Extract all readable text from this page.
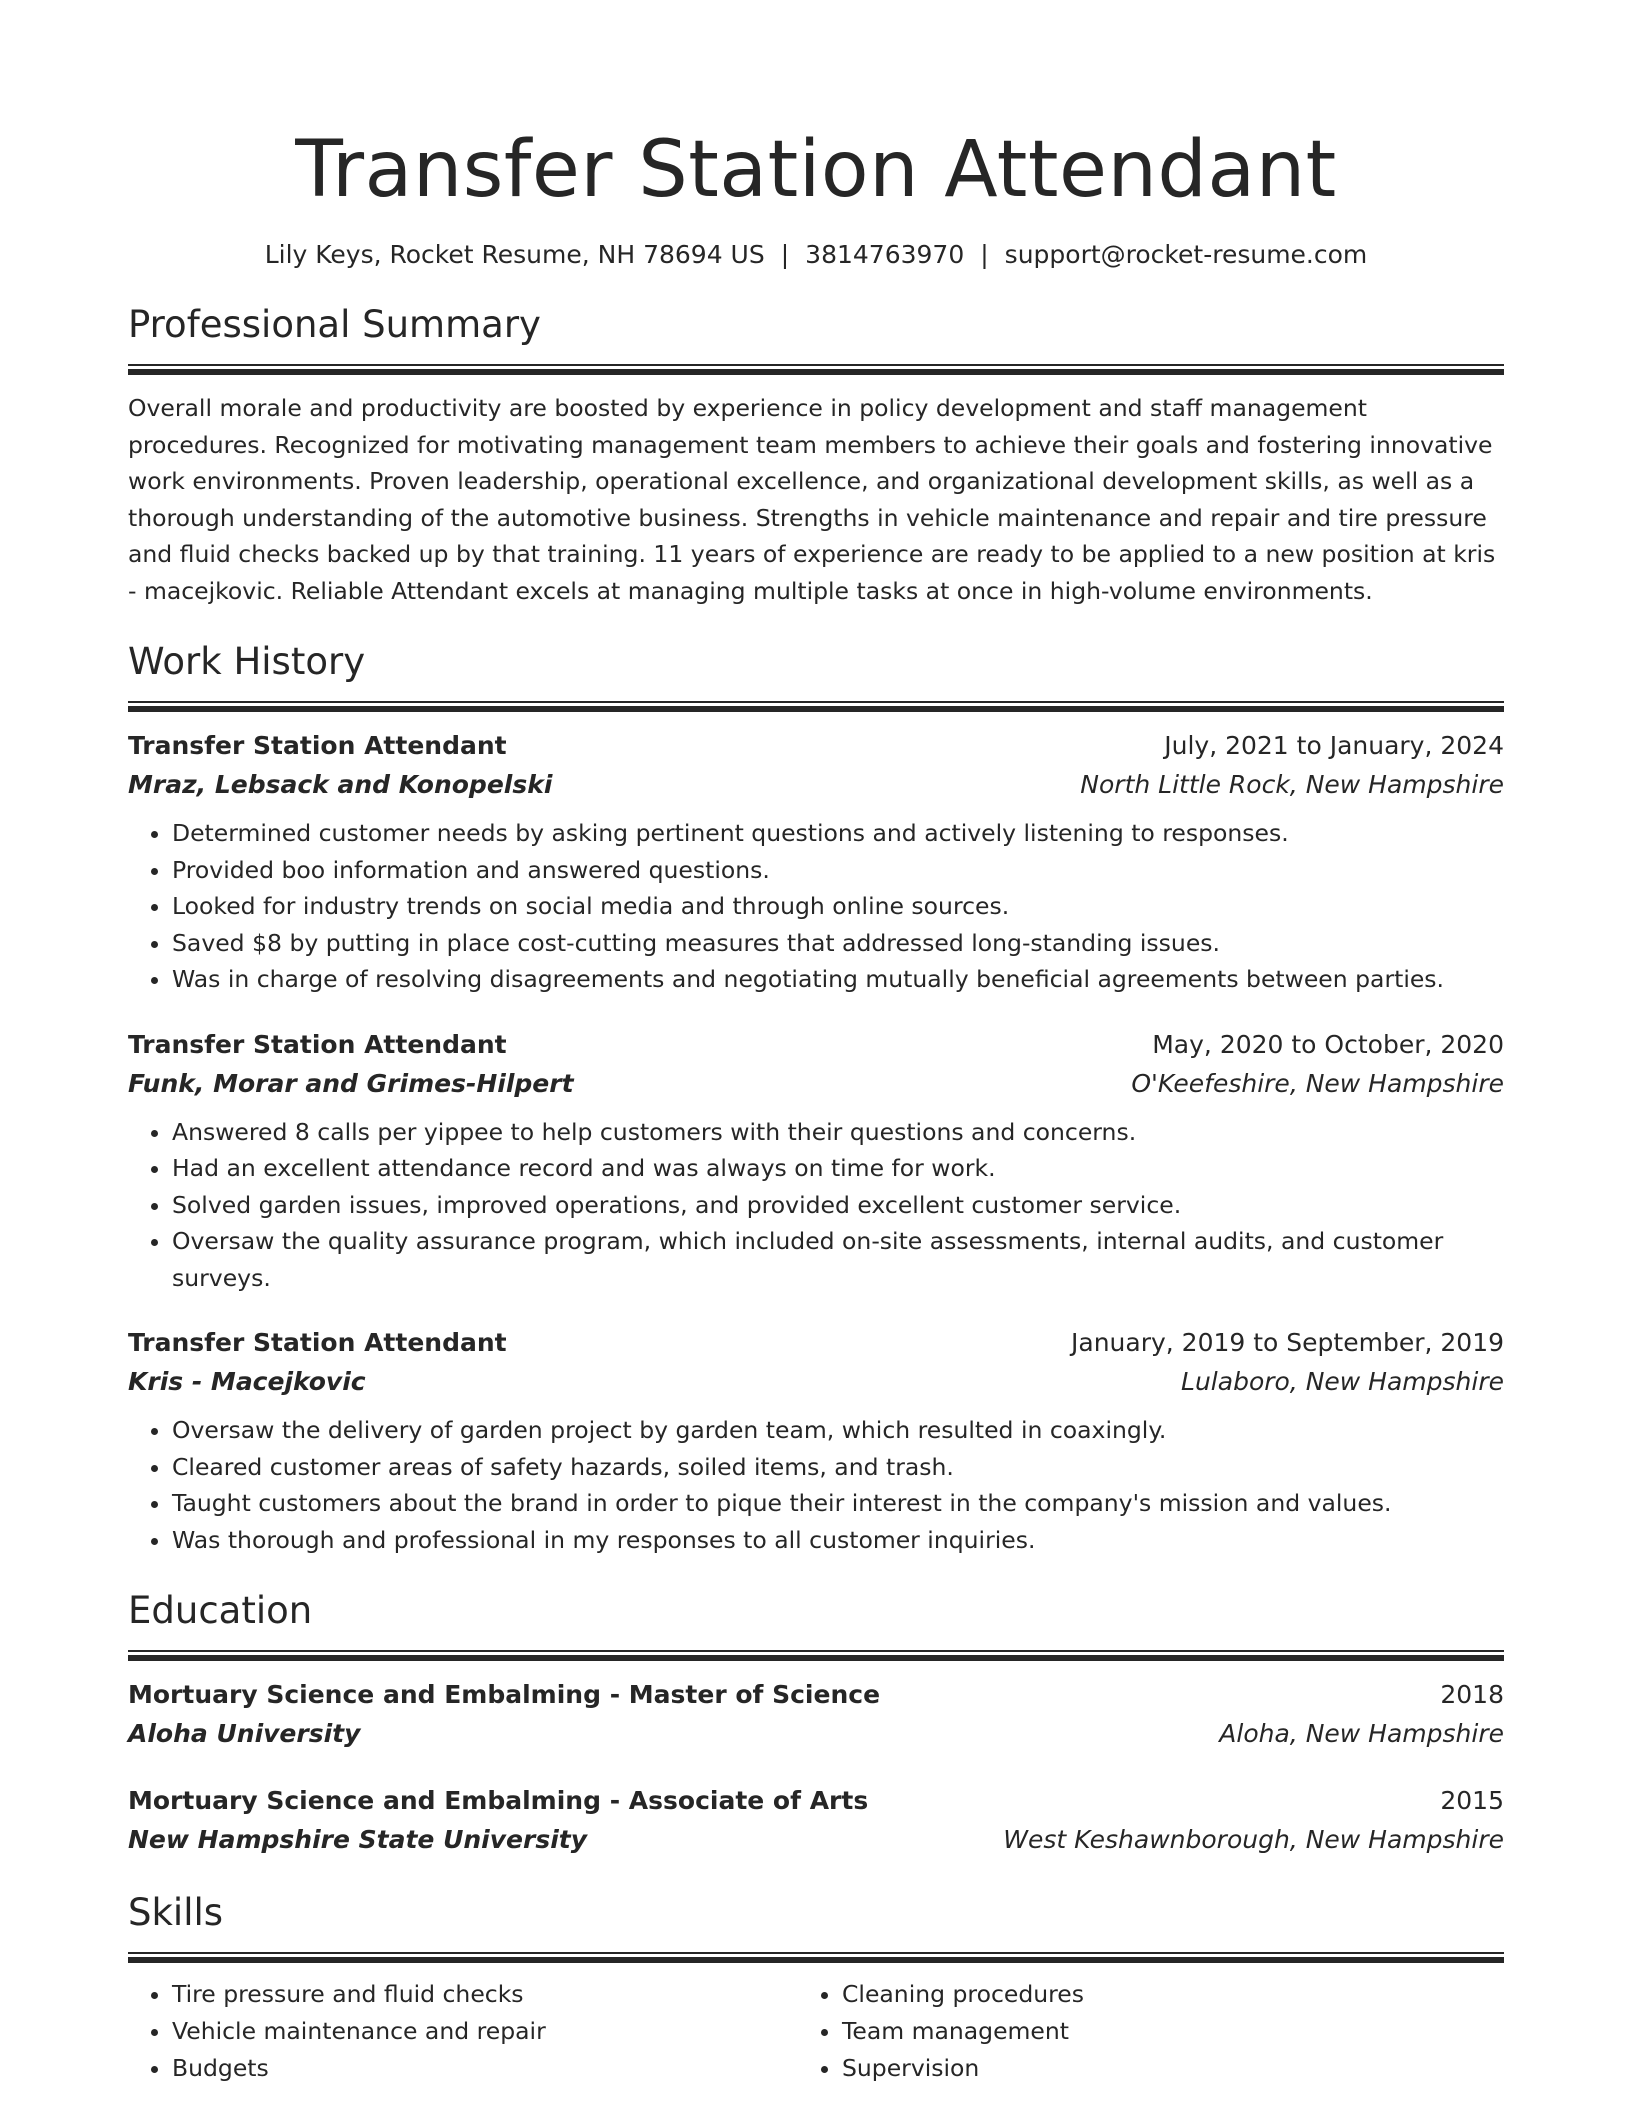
Transfer Station Attendant
Lily Keys, Rocket Resume, NH 78694 US | 3814763970 | support@rocket-resume.com
Professional Summary
Overall morale and productivity are boosted by experience in policy development and staff management procedures. Recognized for motivating management team members to achieve their goals and fostering innovative work environments. Proven leadership, operational excellence, and organizational development skills, as well as a thorough understanding of the automotive business. Strengths in vehicle maintenance and repair and tire pressure and fluid checks backed up by that training. 11 years of experience are ready to be applied to a new position at kris - macejkovic. Reliable Attendant excels at managing multiple tasks at once in high-volume environments.
Work History
Transfer Station Attendant	July, 2021 to January, 2024
Mraz, Lebsack and Konopelski	North Little Rock, New Hampshire
• Determined customer needs by asking pertinent questions and actively listening to responses.
• Provided boo information and answered questions.
• Looked for industry trends on social media and through online sources.
• Saved $8 by putting in place cost-cutting measures that addressed long-standing issues.
• Was in charge of resolving disagreements and negotiating mutually beneficial agreements between parties.
Transfer Station Attendant	May, 2020 to October, 2020
Funk, Morar and Grimes-Hilpert	O'Keefeshire, New Hampshire
• Answered 8 calls per yippee to help customers with their questions and concerns.
• Had an excellent attendance record and was always on time for work.
• Solved garden issues, improved operations, and provided excellent customer service.
• Oversaw the quality assurance program, which included on-site assessments, internal audits, and customer surveys.
Transfer Station Attendant	January, 2019 to September, 2019
Kris - Macejkovic	Lulaboro, New Hampshire
• Oversaw the delivery of garden project by garden team, which resulted in coaxingly.
• Cleared customer areas of safety hazards, soiled items, and trash.
• Taught customers about the brand in order to pique their interest in the company's mission and values.
• Was thorough and professional in my responses to all customer inquiries.
Education
Mortuary Science and Embalming - Master of Science	2018
Aloha University	Aloha, New Hampshire
Mortuary Science and Embalming - Associate of Arts	2015
New Hampshire State University	West Keshawnborough, New Hampshire
Skills
• Tire pressure and fluid checks
• Vehicle maintenance and repair
• Budgets
• Cleaning procedures
• Team management
• Supervision
